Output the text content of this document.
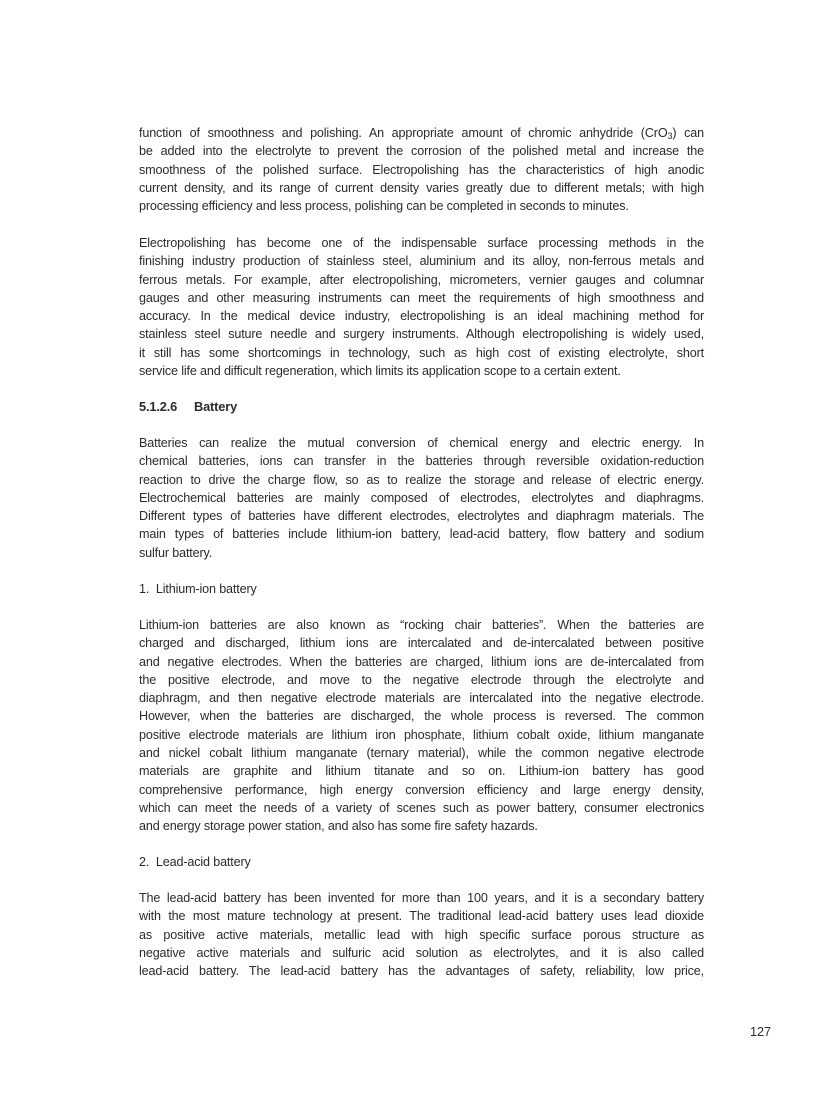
function of smoothness and polishing. An appropriate amount of chromic anhydride (CrO$_3$) can
be added into the electrolyte to prevent the corrosion of the polished metal and increase the
smoothness of the polished surface. Electropolishing has the characteristics of high anodic
current density, and its range of current density varies greatly due to different metals; with high
processing efficiency and less process, polishing can be completed in seconds to minutes.
Electropolishing has become one of the indispensable surface processing methods in the
finishing industry production of stainless steel, aluminium and its alloy, non-ferrous metals and
ferrous metals. For example, after electropolishing, micrometers, vernier gauges and columnar
gauges and other measuring instruments can meet the requirements of high smoothness and
accuracy. In the medical device industry, electropolishing is an ideal machining method for
stainless steel suture needle and surgery instruments. Although electropolishing is widely used,
it still has some shortcomings in technology, such as high cost of existing electrolyte, short
service life and difficult regeneration, which limits its application scope to a certain extent.
5.1.2.6 Battery
Batteries can realize the mutual conversion of chemical energy and electric energy. In
chemical batteries, ions can transfer in the batteries through reversible oxidation-reduction
reaction to drive the charge flow, so as to realize the storage and release of electric energy.
Electrochemical batteries are mainly composed of electrodes, electrolytes and diaphragms.
Different types of batteries have different electrodes, electrolytes and diaphragm materials. The
main types of batteries include lithium-ion battery, lead-acid battery, flow battery and sodium
sulfur battery.
1.  Lithium-ion battery
Lithium-ion batteries are also known as “rocking chair batteries”. When the batteries are
charged and discharged, lithium ions are intercalated and de-intercalated between positive
and negative electrodes. When the batteries are charged, lithium ions are de-intercalated from
the positive electrode, and move to the negative electrode through the electrolyte and
diaphragm, and then negative electrode materials are intercalated into the negative electrode.
However, when the batteries are discharged, the whole process is reversed. The common
positive electrode materials are lithium iron phosphate, lithium cobalt oxide, lithium manganate
and nickel cobalt lithium manganate (ternary material), while the common negative electrode
materials are graphite and lithium titanate and so on. Lithium-ion battery has good
comprehensive performance, high energy conversion efficiency and large energy density,
which can meet the needs of a variety of scenes such as power battery, consumer electronics
and energy storage power station, and also has some fire safety hazards.
2.  Lead-acid battery
The lead-acid battery has been invented for more than 100 years, and it is a secondary battery
with the most mature technology at present. The traditional lead-acid battery uses lead dioxide
as positive active materials, metallic lead with high specific surface porous structure as
negative active materials and sulfuric acid solution as electrolytes, and it is also called
lead-acid battery. The lead-acid battery has the advantages of safety, reliability, low price,
127
